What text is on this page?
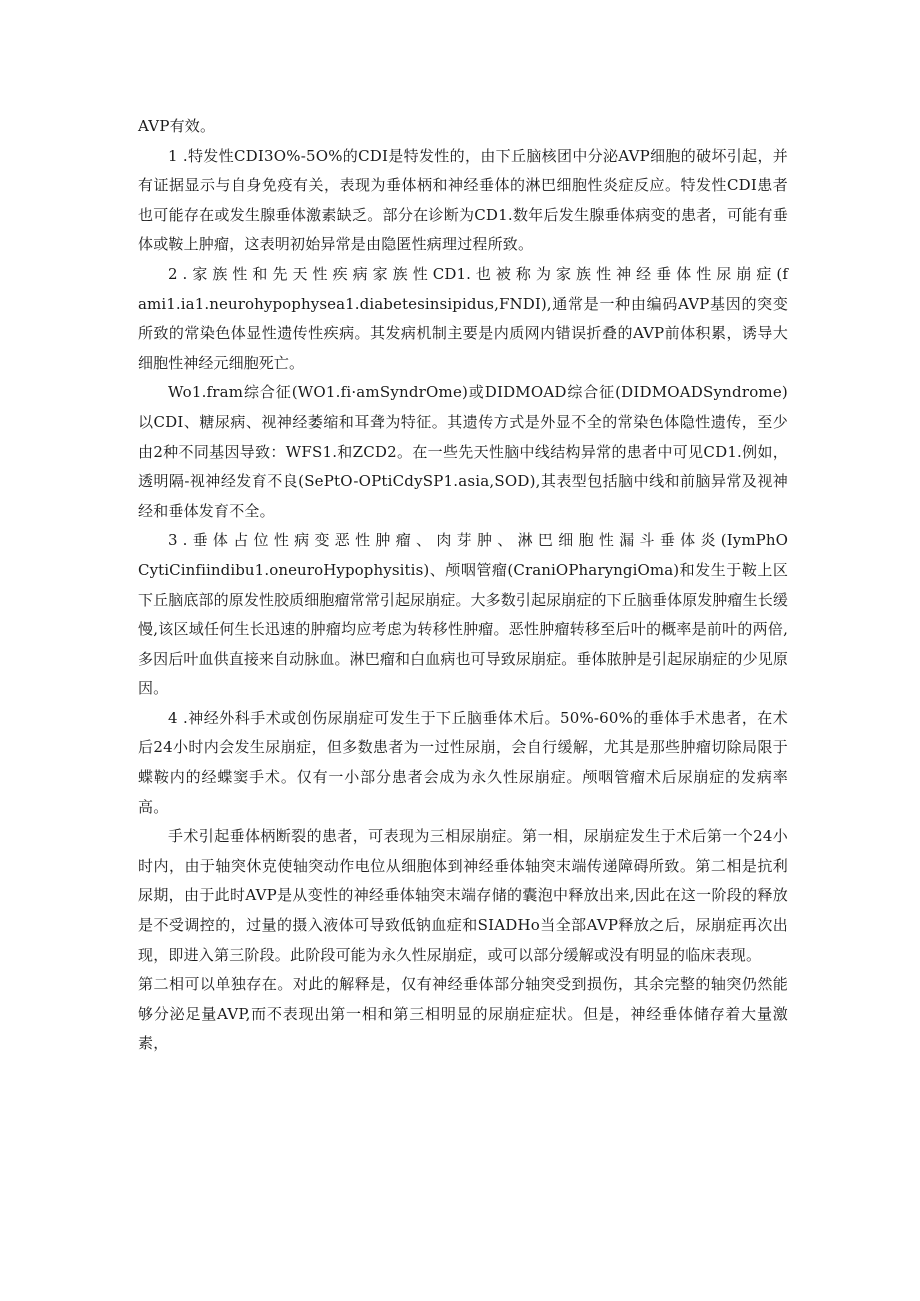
AVP有效。

1 .特发性CDI3O%-5O%的CDI是特发性的，由下丘脑核团中分泌AVP细胞的破坏引起，并有证据显示与自身免疫有关，表现为垂体柄和神经垂体的淋巴细胞性炎症反应。特发性CDI患者也可能存在或发生腺垂体激素缺乏。部分在诊断为CD1.数年后发生腺垂体病变的患者，可能有垂体或鞍上肿瘤，这表明初始异常是由隐匿性病理过程所致。

2 . 家 族 性 和 先 天 性 疾 病 家 族 性 CD1. 也 被 称 为 家 族 性 神 经 垂 体 性 尿 崩 症 (fami1.ia1.neurohypophysea1.diabetesinsipidus,FNDI),通常是一种由编码AVP基因的突变所致的常染色体显性遗传性疾病。其发病机制主要是内质网内错误折叠的AVP前体积累，诱导大细胞性神经元细胞死亡。

Wo1.fram综合征(WO1.fi·amSyndrOme)或DIDMOAD综合征(DIDMOADSyndrome)以CDI、糖尿病、视神经萎缩和耳聋为特征。其遗传方式是外显不全的常染色体隐性遗传，至少由2种不同基因导致：WFS1.和ZCD2。在一些先天性脑中线结构异常的患者中可见CD1.例如，透明隔-视神经发育不良(SePtO-OPtiCdySP1.asia,SOD),其表型包括脑中线和前脑异常及视神经和垂体发育不全。

3 . 垂 体 占 位 性 病 变 恶 性 肿 瘤 、 肉 芽 肿 、 淋 巴 细 胞 性 漏 斗 垂 体 炎 (IymPhOCytiCinfiindibu1.oneuroHypophysitis)、颅咽管瘤(CraniOPharyngiOma)和发生于鞍上区下丘脑底部的原发性胶质细胞瘤常常引起尿崩症。大多数引起尿崩症的下丘脑垂体原发肿瘤生长缓慢,该区域任何生长迅速的肿瘤均应考虑为转移性肿瘤。恶性肿瘤转移至后叶的概率是前叶的两倍,多因后叶血供直接来自动脉血。淋巴瘤和白血病也可导致尿崩症。垂体脓肿是引起尿崩症的少见原因。

4 .神经外科手术或创伤尿崩症可发生于下丘脑垂体术后。50%-60%的垂体手术患者，在术后24小时内会发生尿崩症，但多数患者为一过性尿崩，会自行缓解，尤其是那些肿瘤切除局限于蝶鞍内的经蝶窦手术。仅有一小部分患者会成为永久性尿崩症。颅咽管瘤术后尿崩症的发病率高。

手术引起垂体柄断裂的患者，可表现为三相尿崩症。第一相，尿崩症发生于术后第一个24小时内，由于轴突休克使轴突动作电位从细胞体到神经垂体轴突末端传递障碍所致。第二相是抗利尿期，由于此时AVP是从变性的神经垂体轴突末端存储的囊泡中释放出来,因此在这一阶段的释放是不受调控的，过量的摄入液体可导致低钠血症和SIADHo当全部AVP释放之后，尿崩症再次出现，即进入第三阶段。此阶段可能为永久性尿崩症，或可以部分缓解或没有明显的临床表现。

第二相可以单独存在。对此的解释是，仅有神经垂体部分轴突受到损伤，其余完整的轴突仍然能够分泌足量AVP,而不表现出第一相和第三相明显的尿崩症症状。但是，神经垂体储存着大量激素，
